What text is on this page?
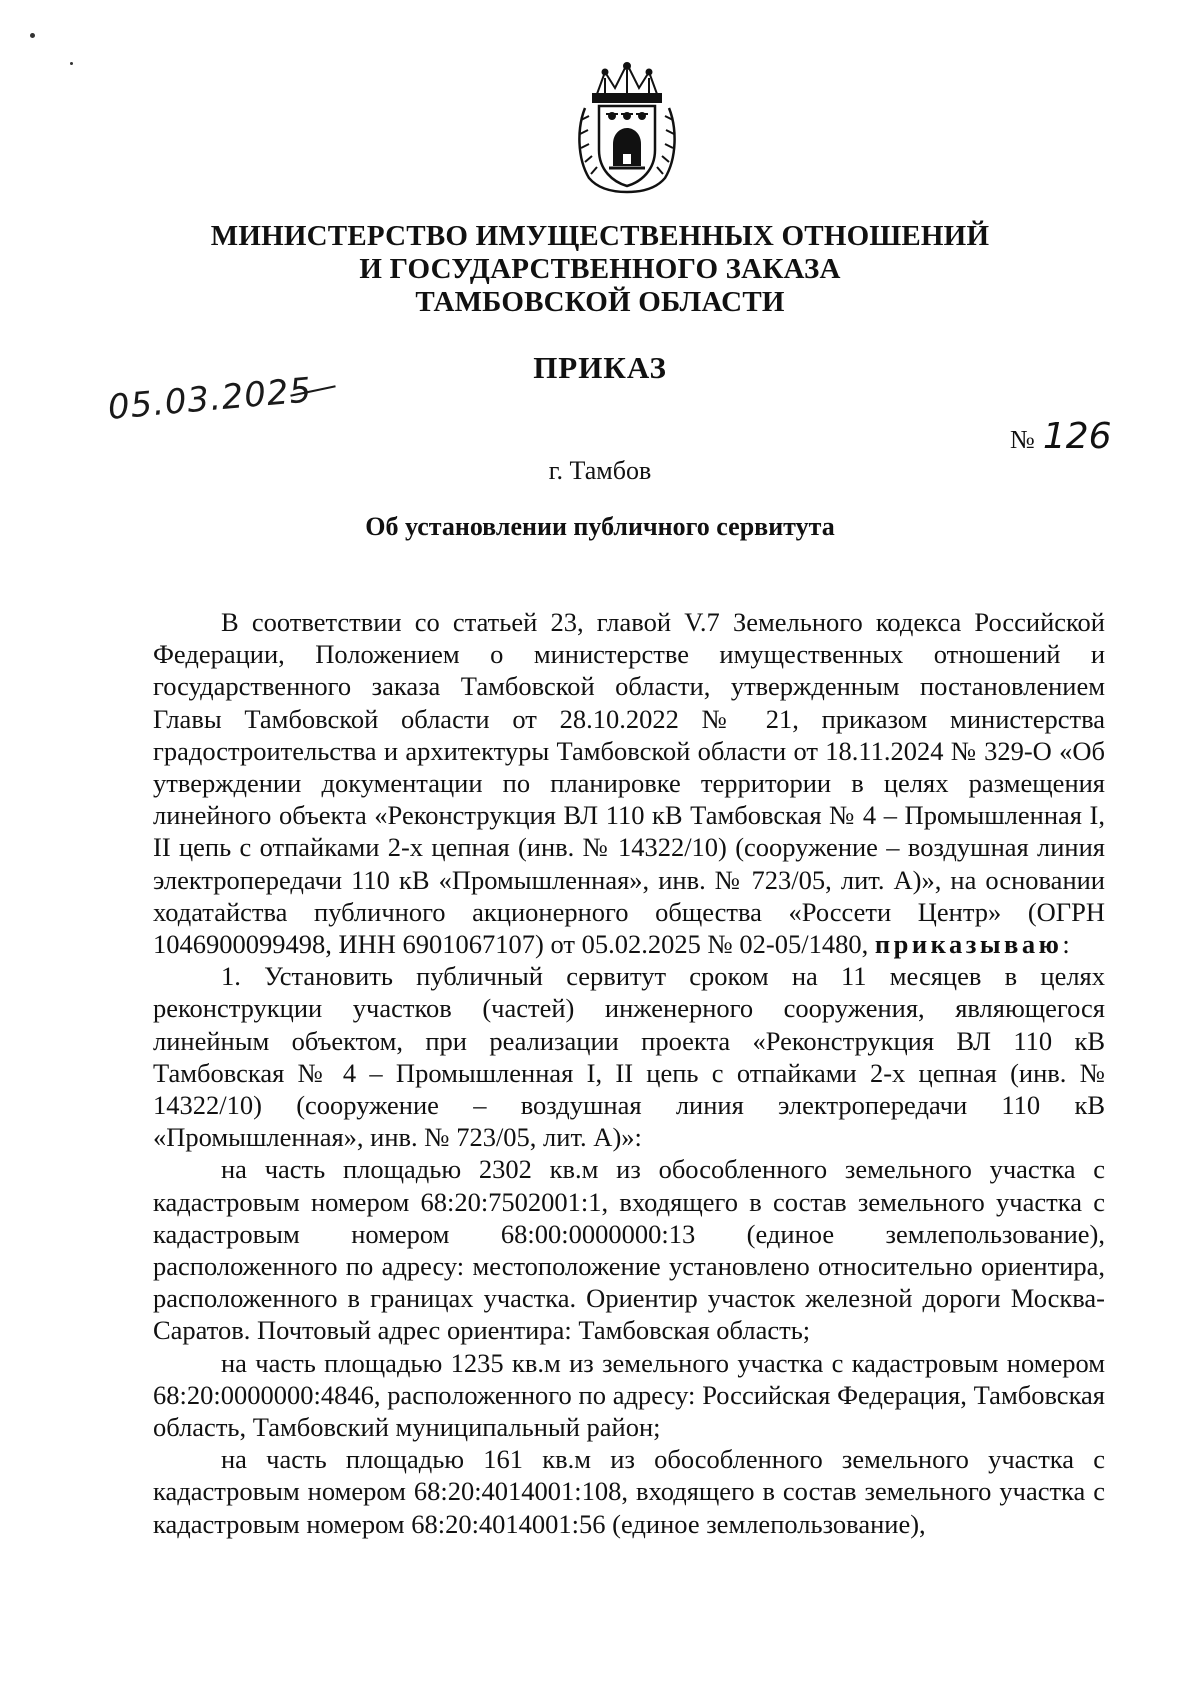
МИНИСТЕРСТВО ИМУЩЕСТВЕННЫХ ОТНОШЕНИЙ
И ГОСУДАРСТВЕННОГО ЗАКАЗА
ТАМБОВСКОЙ ОБЛАСТИ
ПРИКАЗ
05.03.2025
№ 126
г. Тамбов
Об установлении публичного сервитута

В соответствии со статьей 23, главой V.7 Земельного кодекса Российской Федерации, Положением о министерстве имущественных отношений и государственного заказа Тамбовской области, утвержденным постановлением Главы Тамбовской области от 28.10.2022 № 21, приказом министерства градостроительства и архитектуры Тамбовской области от 18.11.2024 № 329-О «Об утверждении документации по планировке территории в целях размещения линейного объекта «Реконструкция ВЛ 110 кВ Тамбовская № 4 – Промышленная I, II цепь с отпайками 2-х цепная (инв. № 14322/10) (сооружение – воздушная линия электропередачи 110 кВ «Промышленная», инв. № 723/05, лит. А)», на основании ходатайства публичного акционерного общества «Россети Центр» (ОГРН 1046900099498, ИНН 6901067107) от 05.02.2025 № 02-05/1480, приказываю:

1. Установить публичный сервитут сроком на 11 месяцев в целях реконструкции участков (частей) инженерного сооружения, являющегося линейным объектом, при реализации проекта «Реконструкция ВЛ 110 кВ Тамбовская № 4 – Промышленная I, II цепь с отпайками 2-х цепная (инв. № 14322/10) (сооружение – воздушная линия электропередачи 110 кВ «Промышленная», инв. № 723/05, лит. А)»:

на часть площадью 2302 кв.м из обособленного земельного участка с кадастровым номером 68:20:7502001:1, входящего в состав земельного участка с кадастровым номером 68:00:0000000:13 (единое землепользование), расположенного по адресу: местоположение установлено относительно ориентира, расположенного в границах участка. Ориентир участок железной дороги Москва-Саратов. Почтовый адрес ориентира: Тамбовская область;

на часть площадью 1235 кв.м из земельного участка с кадастровым номером 68:20:0000000:4846, расположенного по адресу: Российская Федерация, Тамбовская область, Тамбовский муниципальный район;

на часть площадью 161 кв.м из обособленного земельного участка с кадастровым номером 68:20:4014001:108, входящего в состав земельного участка с кадастровым номером 68:20:4014001:56 (единое землепользование),
